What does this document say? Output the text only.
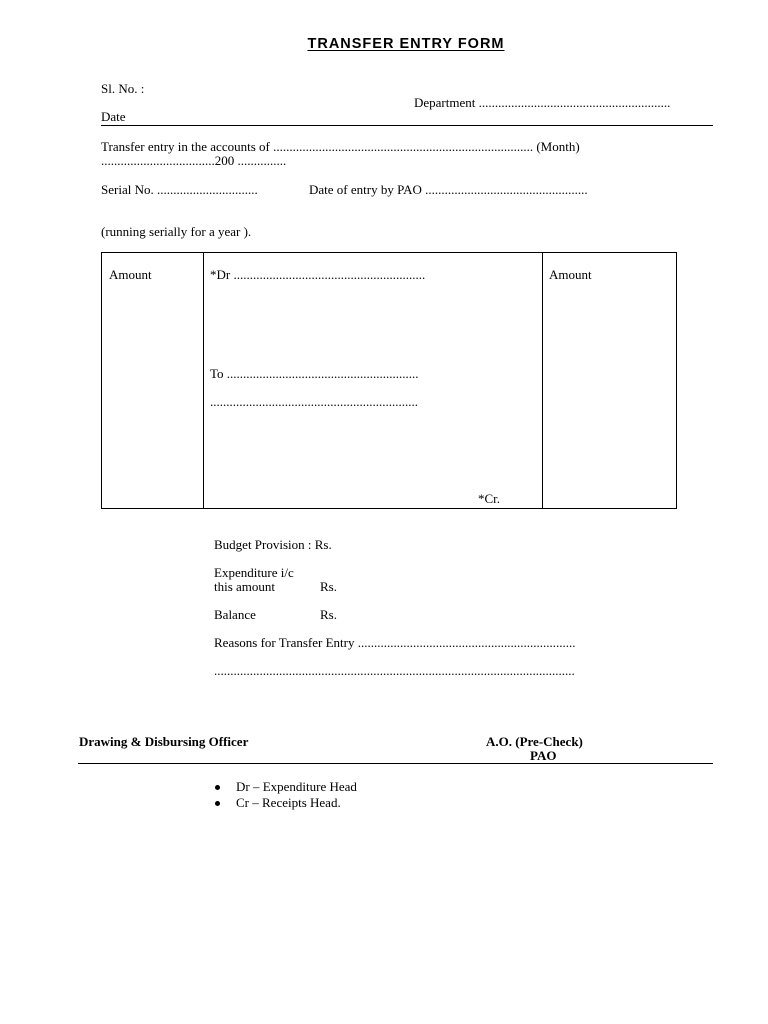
TRANSFER ENTRY FORM
Sl. No. :
Department ...........................................................
Date
Transfer entry in the accounts of ................................................................................ (Month)
...................................200 ...............
Serial No. ...............................	Date of entry by PAO ..................................................
(running serially for a year ).
Amount	*Dr ...........................................................
To ...........................................................
................................................................
*Cr.
Amount
Budget Provision : Rs.
Expenditure i/c
this amount	Rs.
Balance	Rs.
Reasons for Transfer Entry ...................................................................
...............................................................................................................
Drawing & Disbursing Officer	A.O. (Pre-Check)
PAO
Dr – Expenditure Head
Cr – Receipts Head.
